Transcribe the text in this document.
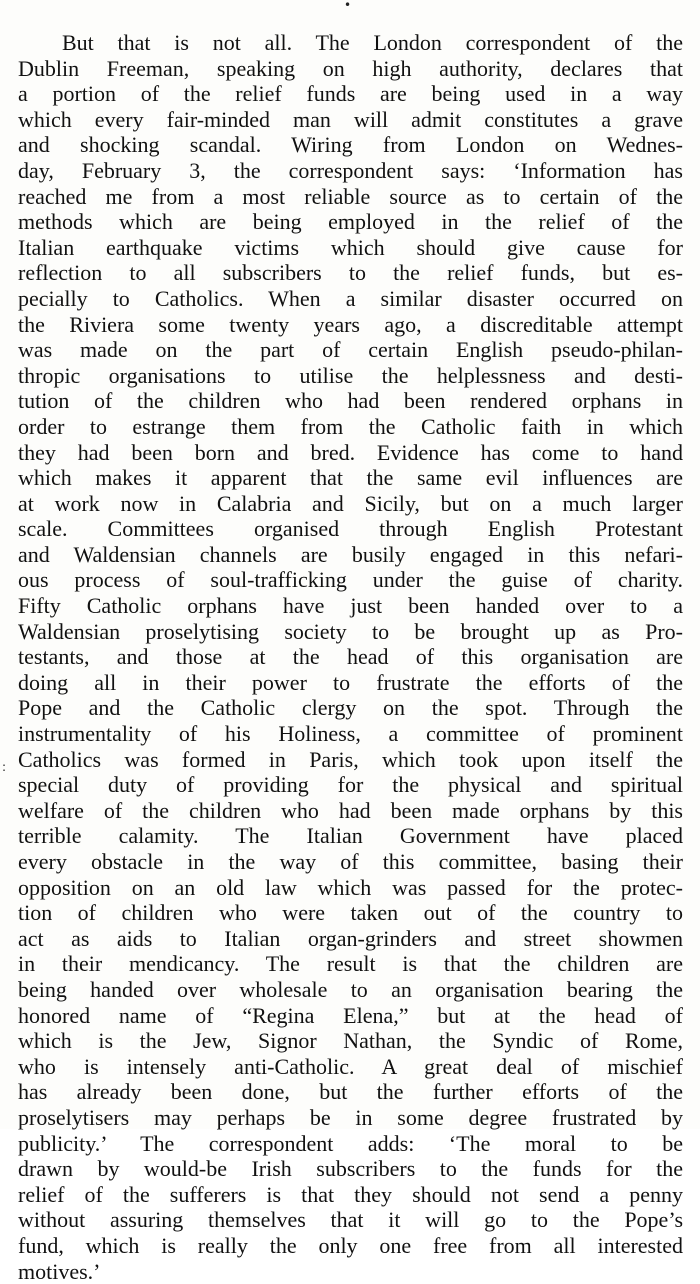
•
:
But that is not all. The London correspondent of the
Dublin Freeman, speaking on high authority, declares that
a portion of the relief funds are being used in a way
which every fair-minded man will admit constitutes a grave
and shocking scandal. Wiring from London on Wednes-
day, February 3, the correspondent says: ‘Information has
reached me from a most reliable source as to certain of the
methods which are being employed in the relief of the
Italian earthquake victims which should give cause for
reflection to all subscribers to the relief funds, but es-
pecially to Catholics. When a similar disaster occurred on
the Riviera some twenty years ago, a discreditable attempt
was made on the part of certain English pseudo-philan-
thropic organisations to utilise the helplessness and desti-
tution of the children who had been rendered orphans in
order to estrange them from the Catholic faith in which
they had been born and bred. Evidence has come to hand
which makes it apparent that the same evil influences are
at work now in Calabria and Sicily, but on a much larger
scale. Committees organised through English Protestant
and Waldensian channels are busily engaged in this nefari-
ous process of soul-trafficking under the guise of charity.
Fifty Catholic orphans have just been handed over to a
Waldensian proselytising society to be brought up as Pro-
testants, and those at the head of this organisation are
doing all in their power to frustrate the efforts of the
Pope and the Catholic clergy on the spot. Through the
instrumentality of his Holiness, a committee of prominent
Catholics was formed in Paris, which took upon itself the
special duty of providing for the physical and spiritual
welfare of the children who had been made orphans by this
terrible calamity. The Italian Government have placed
every obstacle in the way of this committee, basing their
opposition on an old law which was passed for the protec-
tion of children who were taken out of the country to
act as aids to Italian organ-grinders and street showmen
in their mendicancy. The result is that the children are
being handed over wholesale to an organisation bearing the
honored name of “Regina Elena,” but at the head of
which is the Jew, Signor Nathan, the Syndic of Rome,
who is intensely anti-Catholic. A great deal of mischief
has already been done, but the further efforts of the
proselytisers may perhaps be in some degree frustrated by
publicity.’ The correspondent adds: ‘The moral to be
drawn by would-be Irish subscribers to the funds for the
relief of the sufferers is that they should not send a penny
without assuring themselves that it will go to the Pope’s
fund, which is really the only one free from all interested
motives.’
